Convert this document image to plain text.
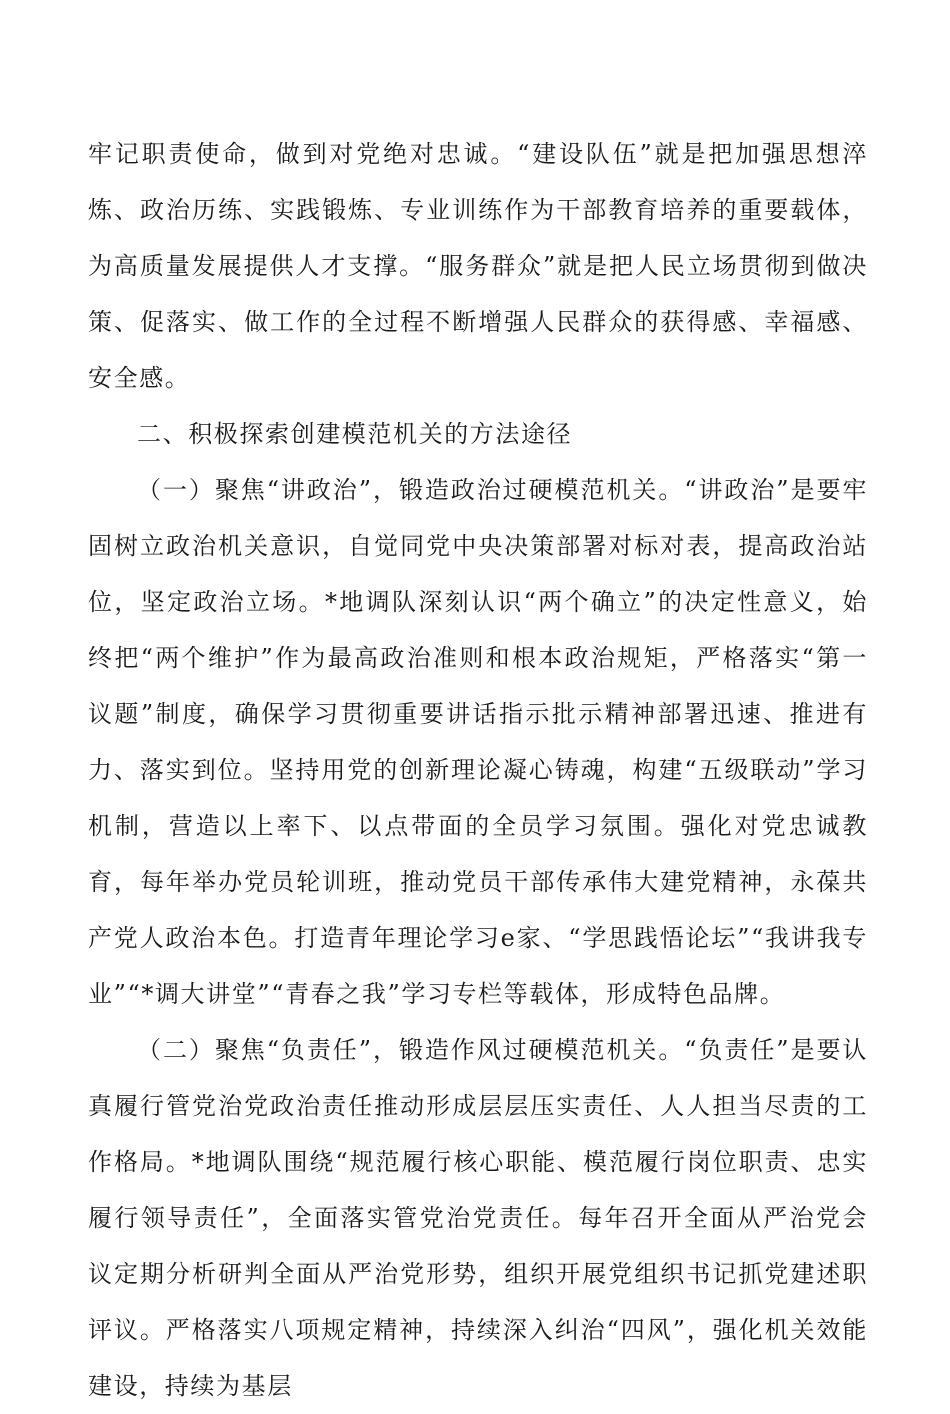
牢记职责使命，做到对党绝对忠诚。“建设队伍”就是把加强思想淬炼、政治历练、实践锻炼、专业训练作为干部教育培养的重要载体，为高质量发展提供人才支撑。“服务群众”就是把人民立场贯彻到做决策、促落实、做工作的全过程不断增强人民群众的获得感、幸福感、安全感。

二、积极探索创建模范机关的方法途径

（一）聚焦“讲政治”，锻造政治过硬模范机关。“讲政治”是要牢固树立政治机关意识，自觉同党中央决策部署对标对表，提高政治站位，坚定政治立场。*地调队深刻认识“两个确立”的决定性意义，始终把“两个维护”作为最高政治准则和根本政治规矩，严格落实“第一议题”制度，确保学习贯彻重要讲话指示批示精神部署迅速、推进有力、落实到位。坚持用党的创新理论凝心铸魂，构建“五级联动”学习机制，营造以上率下、以点带面的全员学习氛围。强化对党忠诚教育，每年举办党员轮训班，推动党员干部传承伟大建党精神，永葆共产党人政治本色。打造青年理论学习e家、“学思践悟论坛”“我讲我专业”“*调大讲堂”“青春之我”学习专栏等载体，形成特色品牌。

（二）聚焦“负责任”，锻造作风过硬模范机关。“负责任”是要认真履行管党治党政治责任推动形成层层压实责任、人人担当尽责的工作格局。*地调队围绕“规范履行核心职能、模范履行岗位职责、忠实履行领导责任”，全面落实管党治党责任。每年召开全面从严治党会议定期分析研判全面从严治党形势，组织开展党组织书记抓党建述职评议。严格落实八项规定精神，持续深入纠治“四风”，强化机关效能建设，持续为基层
